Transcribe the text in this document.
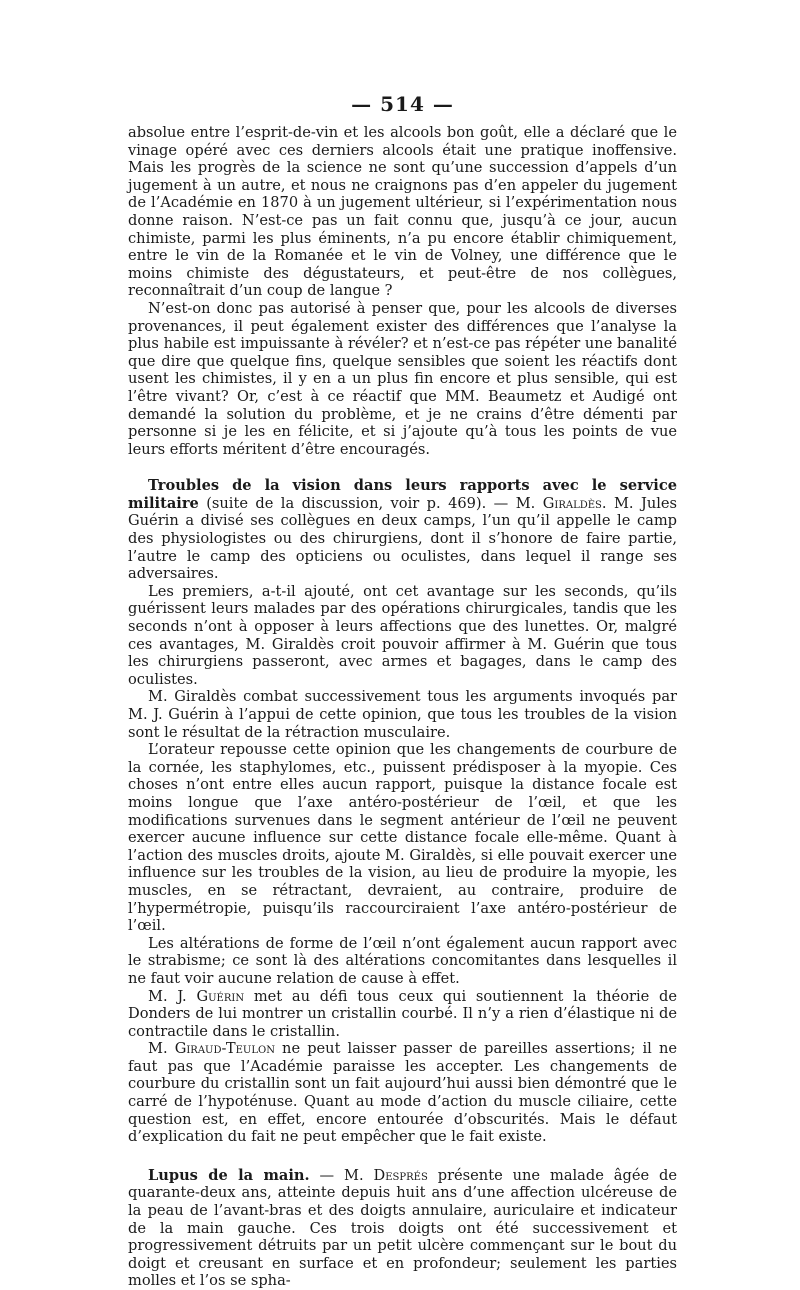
— 514 —

absolue entre l’esprit-de-vin et les alcools bon goût, elle a déclaré que le vinage opéré avec ces derniers alcools était une pratique inoffensive. Mais les progrès de la science ne sont qu’une succession d’appels d’un jugement à un autre, et nous ne craignons pas d’en appeler du jugement de l’Académie en 1870 à un jugement ultérieur, si l’expérimentation nous donne raison. N’est-ce pas un fait connu que, jusqu’à ce jour, aucun chimiste, parmi les plus éminents, n’a pu encore établir chimiquement, entre le vin de la Romanée et le vin de Volney, une différence que le moins chimiste des dégustateurs, et peut-être de nos collègues, reconnaîtrait d’un coup de langue ?

N’est-on donc pas autorisé à penser que, pour les alcools de diverses provenances, il peut également exister des différences que l’analyse la plus habile est impuissante à révéler? et n’est-ce pas répéter une banalité que dire que quelque fins, quelque sensibles que soient les réactifs dont usent les chimistes, il y en a un plus fin encore et plus sensible, qui est l’être vivant? Or, c’est à ce réactif que MM. Beaumetz et Audigé ont demandé la solution du problème, et je ne crains d’être démenti par personne si je les en félicite, et si j’ajoute qu’à tous les points de vue leurs efforts méritent d’être encouragés.

Troubles de la vision dans leurs rapports avec le service militaire (suite de la discussion, voir p. 469). — M. Giraldès. M. Jules Guérin a divisé ses collègues en deux camps, l’un qu’il appelle le camp des physiologistes ou des chirurgiens, dont il s’honore de faire partie, l’autre le camp des opticiens ou oculistes, dans lequel il range ses adversaires.

Les premiers, a-t-il ajouté, ont cet avantage sur les seconds, qu’ils guérissent leurs malades par des opérations chirurgicales, tandis que les seconds n’ont à opposer à leurs affections que des lunettes. Or, malgré ces avantages, M. Giraldès croit pouvoir affirmer à M. Guérin que tous les chirurgiens passeront, avec armes et bagages, dans le camp des oculistes.

M. Giraldès combat successivement tous les arguments invoqués par M. J. Guérin à l’appui de cette opinion, que tous les troubles de la vision sont le résultat de la rétraction musculaire.

L’orateur repousse cette opinion que les changements de courbure de la cornée, les staphylomes, etc., puissent prédisposer à la myopie. Ces choses n’ont entre elles aucun rapport, puisque la distance focale est moins longue que l’axe antéro-postérieur de l’œil, et que les modifications survenues dans le segment antérieur de l’œil ne peuvent exercer aucune influence sur cette distance focale elle-même. Quant à l’action des muscles droits, ajoute M. Giraldès, si elle pouvait exercer une influence sur les troubles de la vision, au lieu de produire la myopie, les muscles, en se rétractant, devraient, au contraire, produire de l’hypermétropie, puisqu’ils raccourciraient l’axe antéro-postérieur de l’œil.

Les altérations de forme de l’œil n’ont également aucun rapport avec le strabisme; ce sont là des altérations concomitantes dans lesquelles il ne faut voir aucune relation de cause à effet.

M. J. Guérin met au défi tous ceux qui soutiennent la théorie de Donders de lui montrer un cristallin courbé. Il n’y a rien d’élastique ni de contractile dans le cristallin.

M. Giraud-Teulon ne peut laisser passer de pareilles assertions; il ne faut pas que l’Académie paraisse les accepter. Les changements de courbure du cristallin sont un fait aujourd’hui aussi bien démontré que le carré de l’hypoténuse. Quant au mode d’action du muscle ciliaire, cette question est, en effet, encore entourée d’obscurités. Mais le défaut d’explication du fait ne peut empêcher que le fait existe.

Lupus de la main. — M. Després présente une malade âgée de quarante-deux ans, atteinte depuis huit ans d’une affection ulcéreuse de la peau de l’avant-bras et des doigts annulaire, auriculaire et indicateur de la main gauche. Ces trois doigts ont été successivement et progressivement détruits par un petit ulcère commençant sur le bout du doigt et creusant en surface et en profondeur; seulement les parties molles et l’os se spha-
